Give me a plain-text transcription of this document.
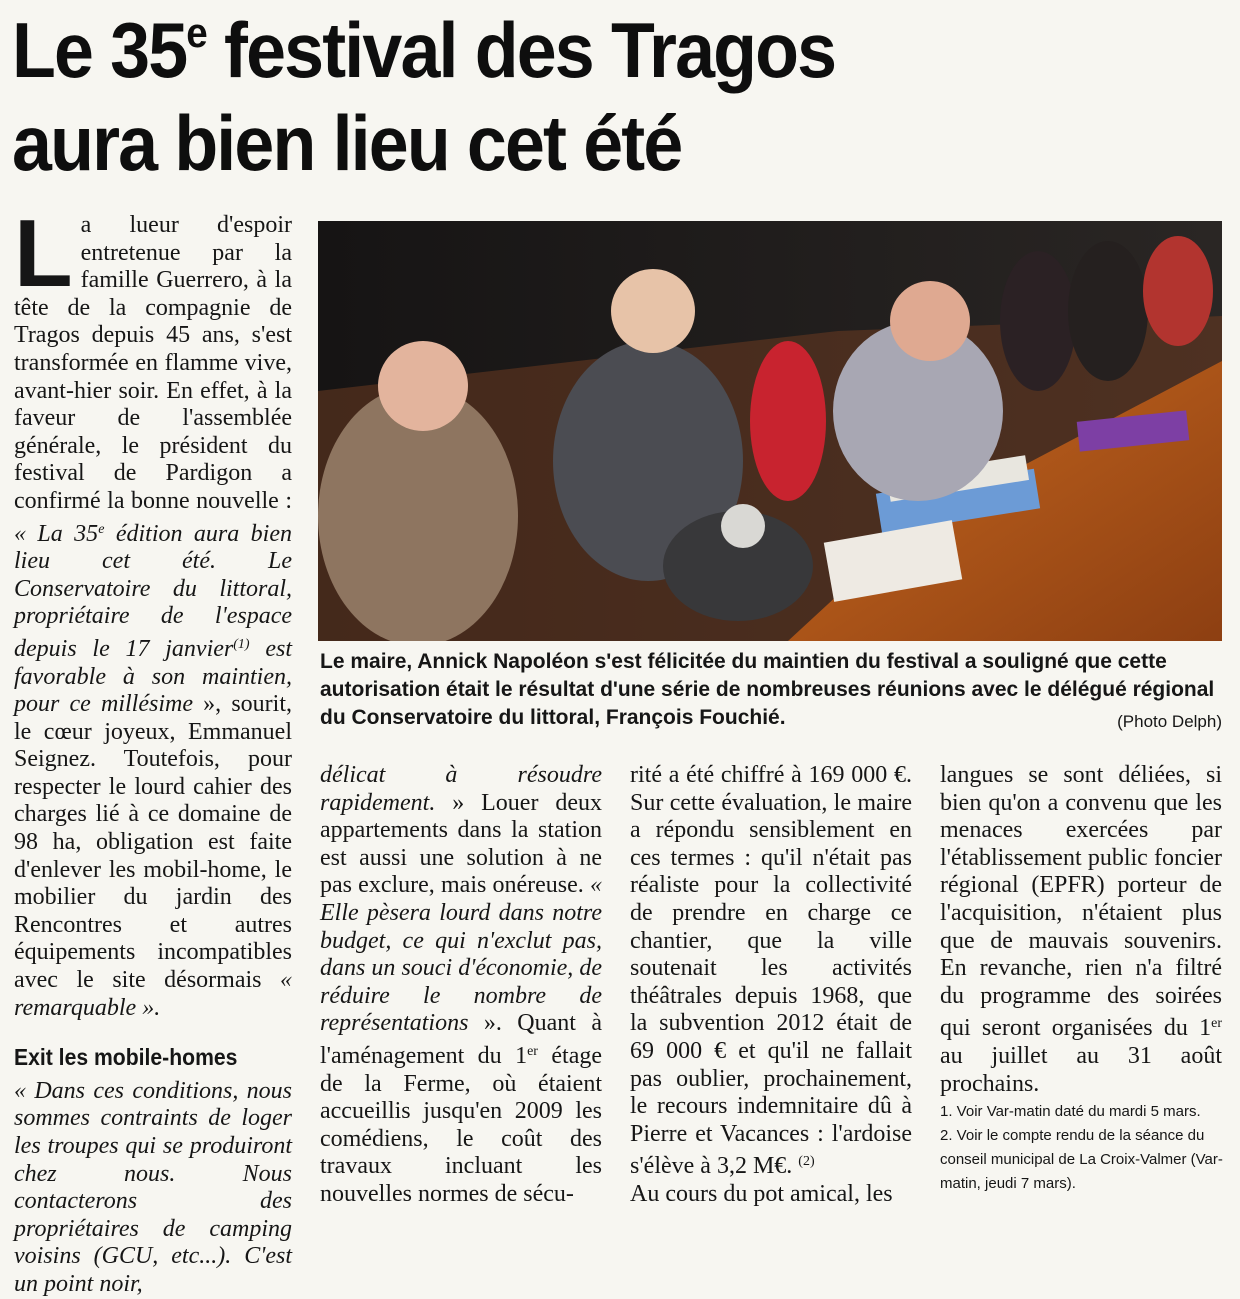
Le 35e festival des Tragos
aura bien lieu cet été

La lueur d'espoir entretenue par la famille Guerrero, à la tête de la compagnie de Tragos depuis 45 ans, s'est transformée en flamme vive, avant-hier soir. En effet, à la faveur de l'assemblée générale, le président du festival de Pardigon a confirmé la bonne nouvelle : « La 35e édition aura bien lieu cet été. Le Conservatoire du littoral, propriétaire de l'espace depuis le 17 janvier$^{(1)}$ est favorable à son maintien, pour ce millésime », sourit, le cœur joyeux, Emmanuel Seignez. Toutefois, pour respecter le lourd cahier des charges lié à ce domaine de 98 ha, obligation est faite d'enlever les mobil-home, le mobilier du jardin des Rencontres et autres équipements incompatibles avec le site désormais « remarquable ».

Exit les mobile-homes

« Dans ces conditions, nous sommes contraints de loger les troupes qui se produiront chez nous. Nous contacterons des propriétaires de camping voisins (GCU, etc...). C'est un point noir,

Le maire, Annick Napoléon s'est félicitée du maintien du festival a souligné que cette autorisation était le résultat d'une série de nombreuses réunions avec le délégué régional du Conservatoire du littoral, François Fouchié.	(Photo Delph)

délicat à résoudre rapidement. » Louer deux appartements dans la station est aussi une solution à ne pas exclure, mais onéreuse. « Elle pèsera lourd dans notre budget, ce qui n'exclut pas, dans un souci d'économie, de réduire le nombre de représentations ». Quant à l'aménagement du 1er étage de la Ferme, où étaient accueillis jusqu'en 2009 les comédiens, le coût des travaux incluant les nouvelles normes de sécu-

rité a été chiffré à 169 000 €. Sur cette évaluation, le maire a répondu sensiblement en ces termes : qu'il n'était pas réaliste pour la collectivité de prendre en charge ce chantier, que la ville soutenait les activités théâtrales depuis 1968, que la subvention 2012 était de 69 000 € et qu'il ne fallait pas oublier, prochainement, le recours indemnitaire dû à Pierre et Vacances : l'ardoise s'élève à 3,2 M€. $^{(2)}$

Au cours du pot amical, les

langues se sont déliées, si bien qu'on a convenu que les menaces exercées par l'établissement public foncier régional (EPFR) porteur de l'acquisition, n'étaient plus que de mauvais souvenirs. En revanche, rien n'a filtré du programme des soirées qui seront organisées du 1er au juillet au 31 août prochains.

1. Voir Var-matin daté du mardi 5 mars.
2. Voir le compte rendu de la séance du conseil municipal de La Croix-Valmer (Var-matin, jeudi 7 mars).
